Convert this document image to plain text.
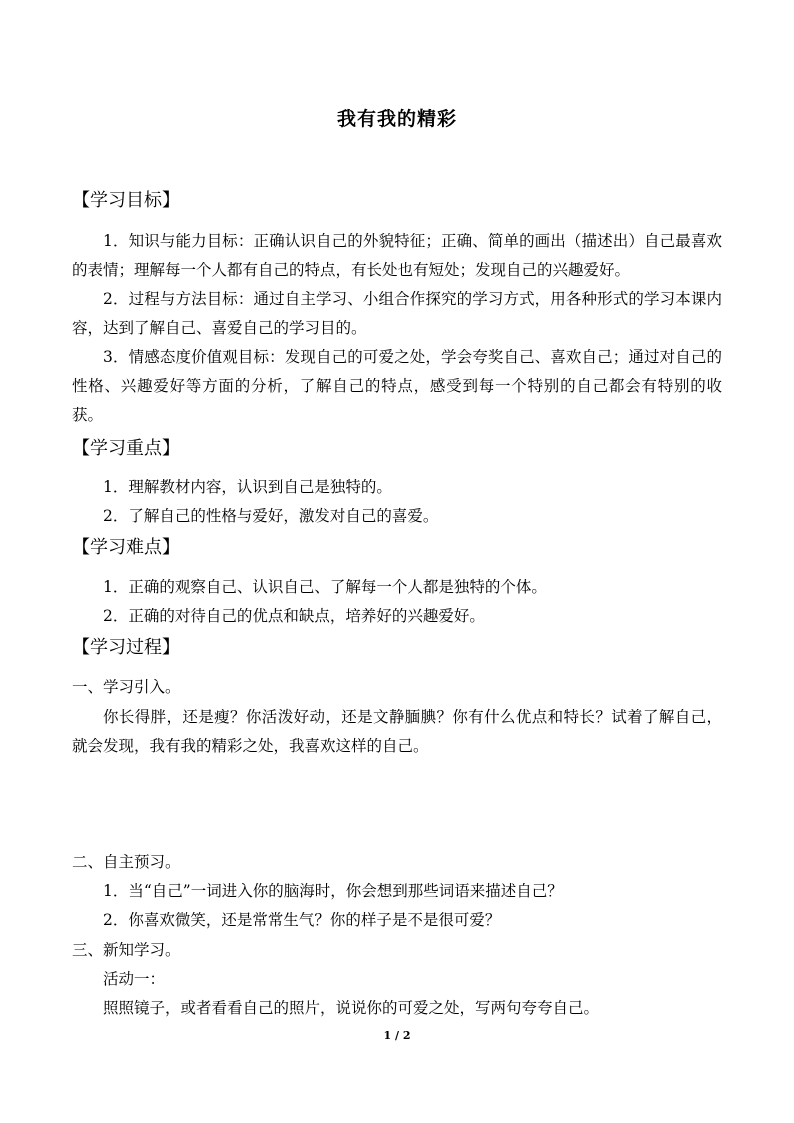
我有我的精彩
【学习目标】
1．知识与能力目标：正确认识自己的外貌特征；正确、简单的画出（描述出）自己最喜欢的表情；理解每一个人都有自己的特点，有长处也有短处；发现自己的兴趣爱好。
2．过程与方法目标：通过自主学习、小组合作探究的学习方式，用各种形式的学习本课内容，达到了解自己、喜爱自己的学习目的。
3．情感态度价值观目标：发现自己的可爱之处，学会夸奖自己、喜欢自己；通过对自己的性格、兴趣爱好等方面的分析，了解自己的特点，感受到每一个特别的自己都会有特别的收获。
【学习重点】
1．理解教材内容，认识到自己是独特的。
2．了解自己的性格与爱好，激发对自己的喜爱。
【学习难点】
1．正确的观察自己、认识自己、了解每一个人都是独特的个体。
2．正确的对待自己的优点和缺点，培养好的兴趣爱好。
【学习过程】
一、学习引入。
你长得胖，还是瘦？你活泼好动，还是文静腼腆？你有什么优点和特长？试着了解自己，就会发现，我有我的精彩之处，我喜欢这样的自己。
二、自主预习。
1．当“自己”一词进入你的脑海时，你会想到那些词语来描述自己？
2．你喜欢微笑，还是常常生气？你的样子是不是很可爱？
三、新知学习。
活动一：
照照镜子，或者看看自己的照片，说说你的可爱之处，写两句夸夸自己。
1 / 2
